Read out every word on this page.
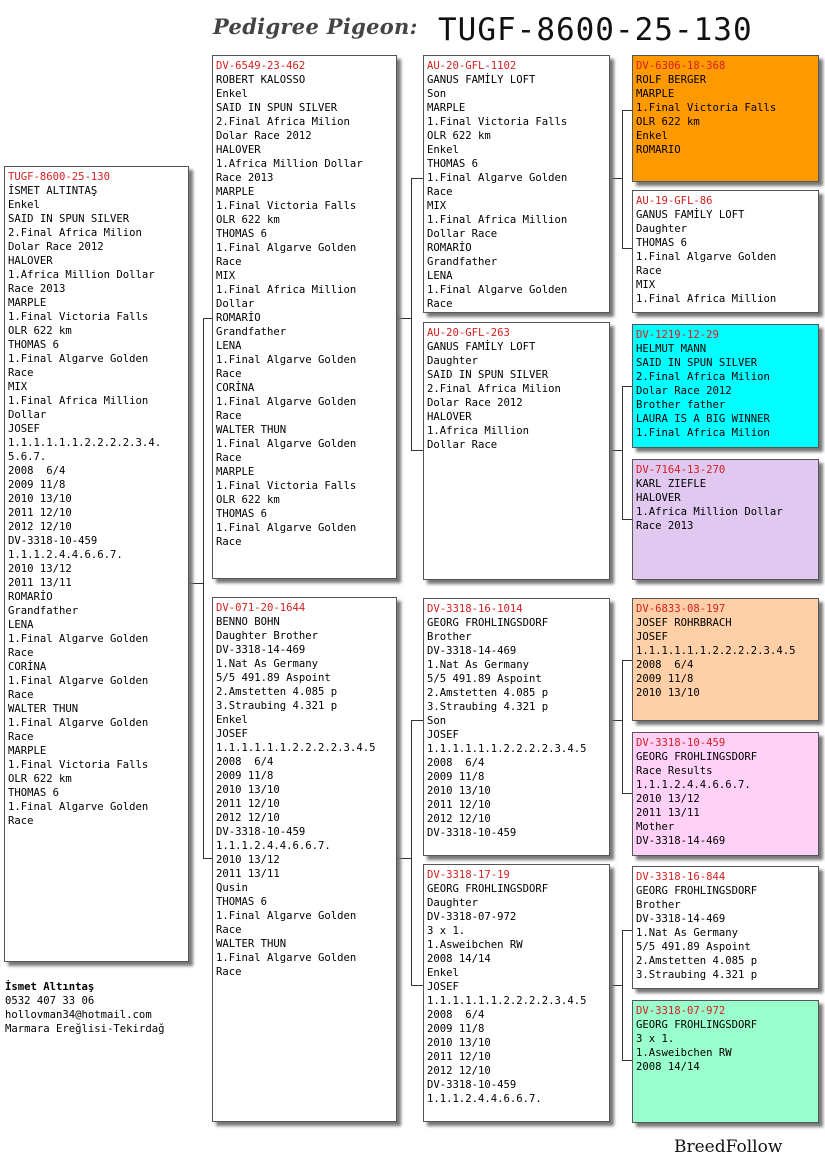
Pedigree Pigeon: TUGF-8600-25-130
TUGF-8600-25-130
İSMET ALTINTAŞ
Enkel
SAID IN SPUN SILVER
2.Final Africa Milion
Dolar Race 2012
HALOVER
1.Africa Million Dollar
Race 2013
MARPLE
1.Final Victoria Falls
OLR 622 km
THOMAS 6
1.Final Algarve Golden
Race
MIX
1.Final Africa Million
Dollar
JOSEF
1.1.1.1.1.1.2.2.2.2.3.4.
5.6.7.
2008  6/4
2009 11/8
2010 13/10
2011 12/10
2012 12/10
DV-3318-10-459
1.1.1.2.4.4.6.6.7.
2010 13/12
2011 13/11
ROMARİO
Grandfather
LENA
1.Final Algarve Golden
Race
CORİNA
1.Final Algarve Golden
Race
WALTER THUN
1.Final Algarve Golden
Race
MARPLE
1.Final Victoria Falls
OLR 622 km
THOMAS 6
1.Final Algarve Golden
Race
DV-6549-23-462
ROBERT KALOSSO
Enkel
SAID IN SPUN SILVER
2.Final Africa Milion
Dolar Race 2012
HALOVER
1.Africa Million Dollar
Race 2013
MARPLE
1.Final Victoria Falls
OLR 622 km
THOMAS 6
1.Final Algarve Golden
Race
MIX
1.Final Africa Million
Dollar
ROMARİO
Grandfather
LENA
1.Final Algarve Golden
Race
CORİNA
1.Final Algarve Golden
Race
WALTER THUN
1.Final Algarve Golden
Race
MARPLE
1.Final Victoria Falls
OLR 622 km
THOMAS 6
1.Final Algarve Golden
Race
DV-071-20-1644
BENNO BOHN
Daughter Brother
DV-3318-14-469
1.Nat As Germany
5/5 491.89 Aspoint
2.Amstetten 4.085 p
3.Straubing 4.321 p
Enkel
JOSEF
1.1.1.1.1.1.2.2.2.2.3.4.5
2008  6/4
2009 11/8
2010 13/10
2011 12/10
2012 12/10
DV-3318-10-459
1.1.1.2.4.4.6.6.7.
2010 13/12
2011 13/11
Qusin
THOMAS 6
1.Final Algarve Golden
Race
WALTER THUN
1.Final Algarve Golden
Race
AU-20-GFL-1102
GANUS FAMİLY LOFT
Son
MARPLE
1.Final Victoria Falls
OLR 622 km
Enkel
THOMAS 6
1.Final Algarve Golden
Race
MIX
1.Final Africa Million
Dollar Race
ROMARİO
Grandfather
LENA
1.Final Algarve Golden
Race
AU-20-GFL-263
GANUS FAMİLY LOFT
Daughter
SAID IN SPUN SILVER
2.Final Africa Milion
Dolar Race 2012
HALOVER
1.Africa Million
Dollar Race
DV-3318-16-1014
GEORG FROHLINGSDORF
Brother
DV-3318-14-469
1.Nat As Germany
5/5 491.89 Aspoint
2.Amstetten 4.085 p
3.Straubing 4.321 p
Son
JOSEF
1.1.1.1.1.1.2.2.2.2.3.4.5
2008  6/4
2009 11/8
2010 13/10
2011 12/10
2012 12/10
DV-3318-10-459
DV-3318-17-19
GEORG FROHLINGSDORF
Daughter
DV-3318-07-972
3 x 1.
1.Asweibchen RW
2008 14/14
Enkel
JOSEF
1.1.1.1.1.1.2.2.2.2.3.4.5
2008  6/4
2009 11/8
2010 13/10
2011 12/10
2012 12/10
DV-3318-10-459
1.1.1.2.4.4.6.6.7.
DV-6306-18-368
ROLF BERGER
MARPLE
1.Final Victoria Falls
OLR 622 km
Enkel
ROMARIO
AU-19-GFL-86
GANUS FAMİLY LOFT
Daughter
THOMAS 6
1.Final Algarve Golden
Race
MIX
1.Final Africa Million
DV-1219-12-29
HELMUT MANN
SAID IN SPUN SILVER
2.Final Africa Milion
Dolar Race 2012
Brother father
LAURA IS A BIG WINNER
1.Final Africa Milion
DV-7164-13-270
KARL ZIEFLE
HALOVER
1.Africa Million Dollar
Race 2013
DV-6833-08-197
JOSEF ROHRBRACH
JOSEF
1.1.1.1.1.1.2.2.2.2.3.4.5
2008  6/4
2009 11/8
2010 13/10
DV-3318-10-459
GEORG FROHLINGSDORF
Race Results
1.1.1.2.4.4.6.6.7.
2010 13/12
2011 13/11
Mother
DV-3318-14-469
DV-3318-16-844
GEORG FROHLINGSDORF
Brother
DV-3318-14-469
1.Nat As Germany
5/5 491.89 Aspoint
2.Amstetten 4.085 p
3.Straubing 4.321 p
DV-3318-07-972
GEORG FROHLINGSDORF
3 x 1.
1.Asweibchen RW
2008 14/14
İsmet Altıntaş
0532 407 33 06
hollovman34@hotmail.com
Marmara Ereğlisi-Tekirdağ
BreedFollow
